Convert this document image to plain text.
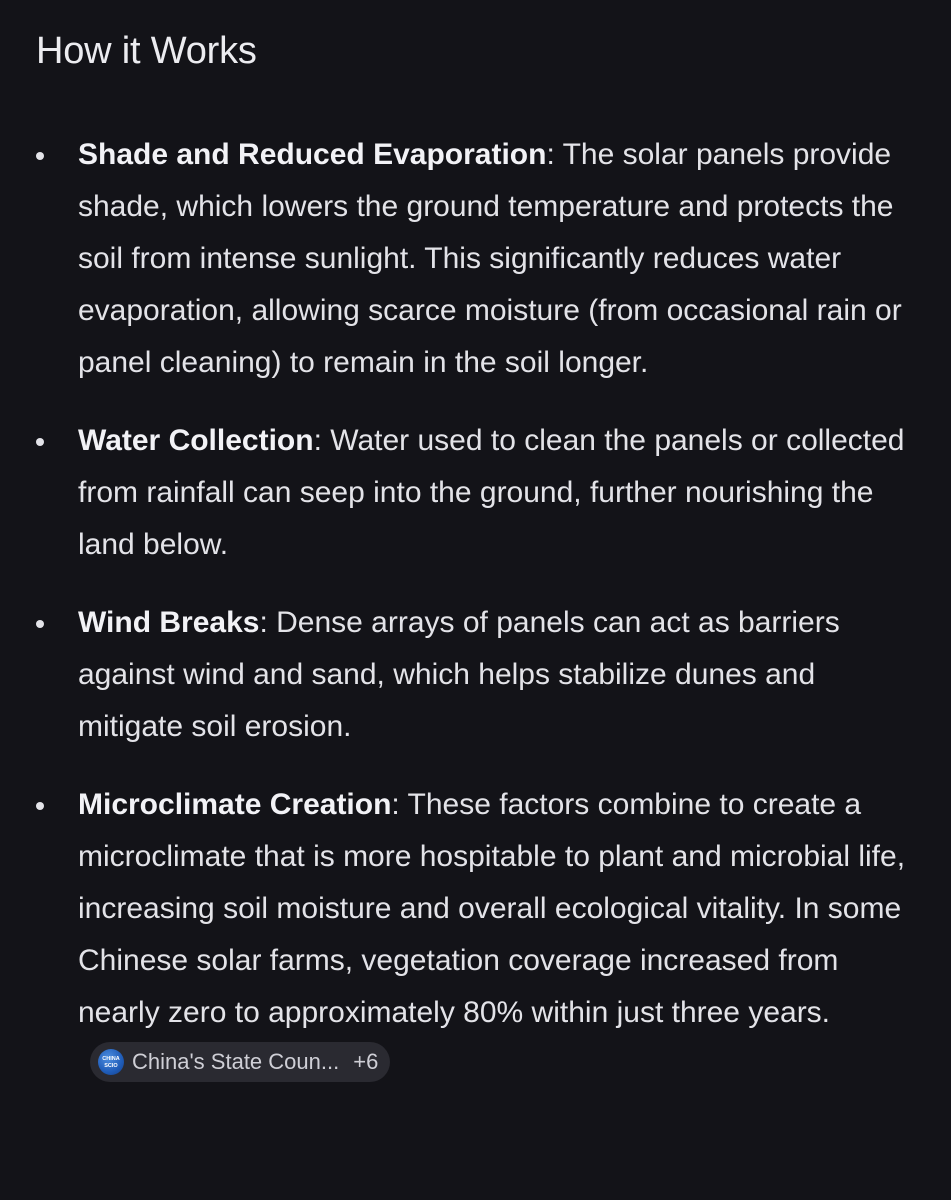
How it Works
Shade and Reduced Evaporation: The solar panels provide shade, which lowers the ground temperature and protects the soil from intense sunlight. This significantly reduces water evaporation, allowing scarce moisture (from occasional rain or panel cleaning) to remain in the soil longer.
Water Collection: Water used to clean the panels or collected from rainfall can seep into the ground, further nourishing the land below.
Wind Breaks: Dense arrays of panels can act as barriers against wind and sand, which helps stabilize dunes and mitigate soil erosion.
Microclimate Creation: These factors combine to create a microclimate that is more hospitable to plant and microbial life, increasing soil moisture and overall ecological vitality. In some Chinese solar farms, vegetation coverage increased from nearly zero to approximately 80% within just three years.
CHINA
SCIO China's State Coun... +6
